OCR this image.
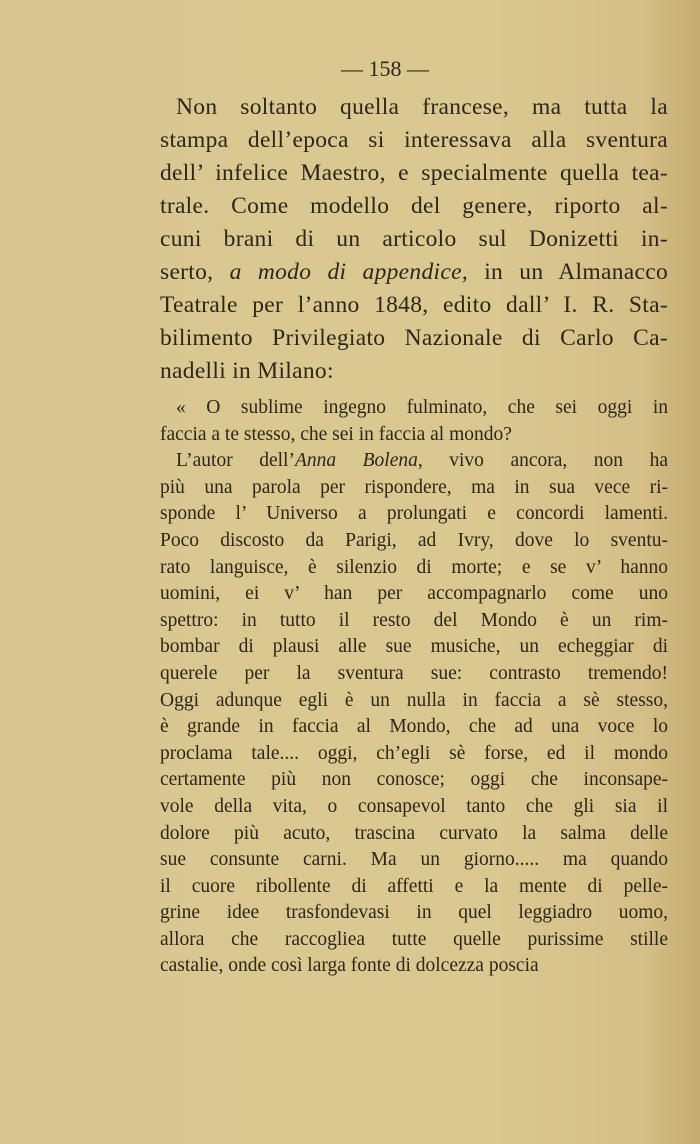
— 158 —
Non soltanto quella francese, ma tutta la
stampa dell’epoca si interessava alla sventura
dell’ infelice Maestro, e specialmente quella tea-
trale. Come modello del genere, riporto al-
cuni brani di un articolo sul Donizetti in-
serto, a modo di appendice, in un Almanacco
Teatrale per l’anno 1848, edito dall’ I. R. Sta-
bilimento Privilegiato Nazionale di Carlo Ca-
nadelli in Milano:
« O sublime ingegno fulminato, che sei oggi in
faccia a te stesso, che sei in faccia al mondo?
L’autor dell’Anna Bolena, vivo ancora, non ha
più una parola per rispondere, ma in sua vece ri-
sponde l’ Universo a prolungati e concordi lamenti.
Poco discosto da Parigi, ad Ivry, dove lo sventu-
rato languisce, è silenzio di morte; e se v’ hanno
uomini, ei v’ han per accompagnarlo come uno
spettro: in tutto il resto del Mondo è un rim-
bombar di plausi alle sue musiche, un echeggiar di
querele per la sventura sue: contrasto tremendo!
Oggi adunque egli è un nulla in faccia a sè stesso,
è grande in faccia al Mondo, che ad una voce lo
proclama tale.... oggi, ch’egli sè forse, ed il mondo
certamente più non conosce; oggi che inconsape-
vole della vita, o consapevol tanto che gli sia il
dolore più acuto, trascina curvato la salma delle
sue consunte carni. Ma un giorno..... ma quando
il cuore ribollente di affetti e la mente di pelle-
grine idee trasfondevasi in quel leggiadro uomo,
allora che raccogliea tutte quelle purissime stille
castalie, onde così larga fonte di dolcezza poscia
